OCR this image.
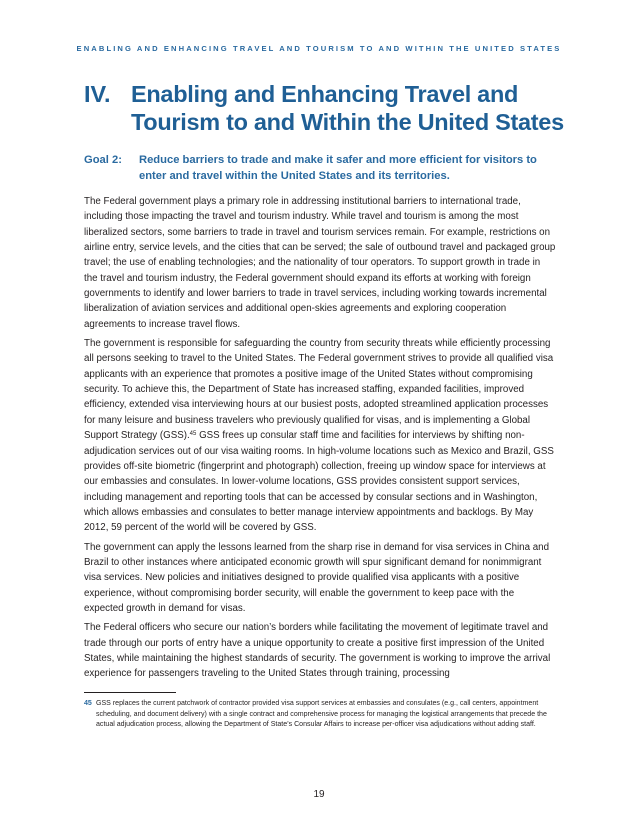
ENABLING AND ENHANCING TRAVEL AND TOURISM TO AND WITHIN THE UNITED STATES
IV. Enabling and Enhancing Travel and Tourism to and Within the United States
Goal 2: Reduce barriers to trade and make it safer and more efficient for visitors to enter and travel within the United States and its territories.

The Federal government plays a primary role in addressing institutional barriers to international trade, including those impacting the travel and tourism industry. While travel and tourism is among the most liberalized sectors, some barriers to trade in travel and tourism services remain. For example, restrictions on airline entry, service levels, and the cities that can be served; the sale of outbound travel and packaged group travel; the use of enabling technologies; and the nationality of tour operators. To support growth in trade in the travel and tourism industry, the Federal government should expand its efforts at working with foreign governments to identify and lower barriers to trade in travel services, including working towards incremental liberalization of aviation services and additional open-skies agreements and exploring cooperation agreements to increase travel flows.

The government is responsible for safeguarding the country from security threats while efficiently processing all persons seeking to travel to the United States. The Federal government strives to provide all qualified visa applicants with an experience that promotes a positive image of the United States without compromising security. To achieve this, the Department of State has increased staffing, expanded facilities, improved efficiency, extended visa interviewing hours at our busiest posts, adopted streamlined application processes for many leisure and business travelers who previously qualified for visas, and is implementing a Global Support Strategy (GSS).$^{45}$ GSS frees up consular staff time and facilities for interviews by shifting non-adjudication services out of our visa waiting rooms. In high-volume locations such as Mexico and Brazil, GSS provides off-site biometric (fingerprint and photograph) collection, freeing up window space for interviews at our embassies and consulates. In lower-volume locations, GSS provides consistent support services, including management and reporting tools that can be accessed by consular sections and in Washington, which allows embassies and consulates to better manage interview appointments and backlogs. By May 2012, 59 percent of the world will be covered by GSS.

The government can apply the lessons learned from the sharp rise in demand for visa services in China and Brazil to other instances where anticipated economic growth will spur significant demand for nonimmigrant visa services. New policies and initiatives designed to provide qualified visa applicants with a positive experience, without compromising border security, will enable the government to keep pace with the expected growth in demand for visas.

The Federal officers who secure our nation’s borders while facilitating the movement of legitimate travel and trade through our ports of entry have a unique opportunity to create a positive first impression of the United States, while maintaining the highest standards of security. The government is working to improve the arrival experience for passengers traveling to the United States through training, processing

45 GSS replaces the current patchwork of contractor provided visa support services at embassies and consulates (e.g., call centers, appointment scheduling, and document delivery) with a single contract and comprehensive process for managing the logistical arrangements that precede the actual adjudication process, allowing the Department of State’s Consular Affairs to increase per-officer visa adjudications without adding staff.
19
